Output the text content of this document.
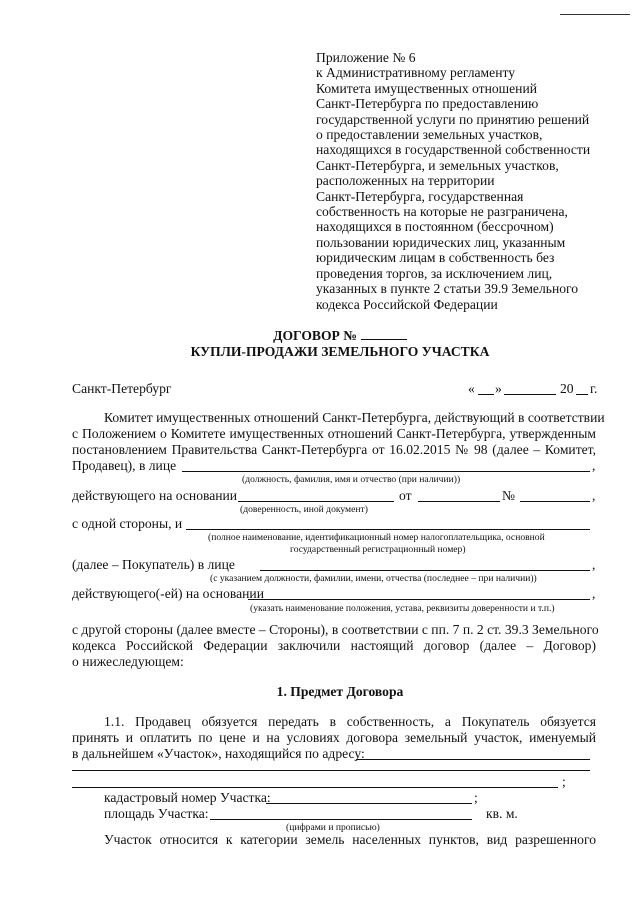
Приложение № 6
к Административному регламенту
Комитета имущественных отношений
Санкт-Петербурга по предоставлению
государственной услуги по принятию решений
о предоставлении земельных участков,
находящихся в государственной собственности
Санкт-Петербурга, и земельных участков,
расположенных на территории
Санкт-Петербурга, государственная
собственность на которые не разграничена,
находящихся в постоянном (бессрочном)
пользовании юридических лиц, указанным
юридическим лицам в собственность без
проведения торгов, за исключением лиц,
указанных в пункте 2 статьи 39.9 Земельного
кодекса Российской Федерации
ДОГОВОР №
КУПЛИ-ПРОДАЖИ ЗЕМЕЛЬНОГО УЧАСТКА
Санкт-Петербург	« »	20 г.
Комитет имущественных отношений Санкт-Петербурга, действующий в соответствии
с Положением о Комитете имущественных отношений Санкт-Петербурга, утвержденным
постановлением Правительства Санкт-Петербурга от 16.02.2015 № 98 (далее – Комитет,
Продавец), в лице	,
(должность, фамилия, имя и отчество (при наличии))
действующего на основании	от	№	,
(доверенность, иной документ)
с одной стороны, и
(полное наименование, идентификационный номер налогоплательщика, основной
государственный регистрационный номер)
(далее – Покупатель) в лице	,
(с указанием должности, фамилии, имени, отчества (последнее – при наличии))
действующего(-ей) на основании	,
(указать наименование положения, устава, реквизиты доверенности и т.п.)
с другой стороны (далее вместе – Стороны), в соответствии с пп. 7 п. 2 ст. 39.3 Земельного
кодекса Российской Федерации заключили настоящий договор (далее – Договор)
о нижеследующем:
1. Предмет Договора
1.1. Продавец обязуется передать в собственность, а Покупатель обязуется
принять и оплатить по цене и на условиях договора земельный участок, именуемый
в дальнейшем «Участок», находящийся по адресу:
;
кадастровый номер Участка:	;
площадь Участка:	кв. м.
(цифрами и прописью)
Участок относится к категории земель населенных пунктов, вид разрешенного
